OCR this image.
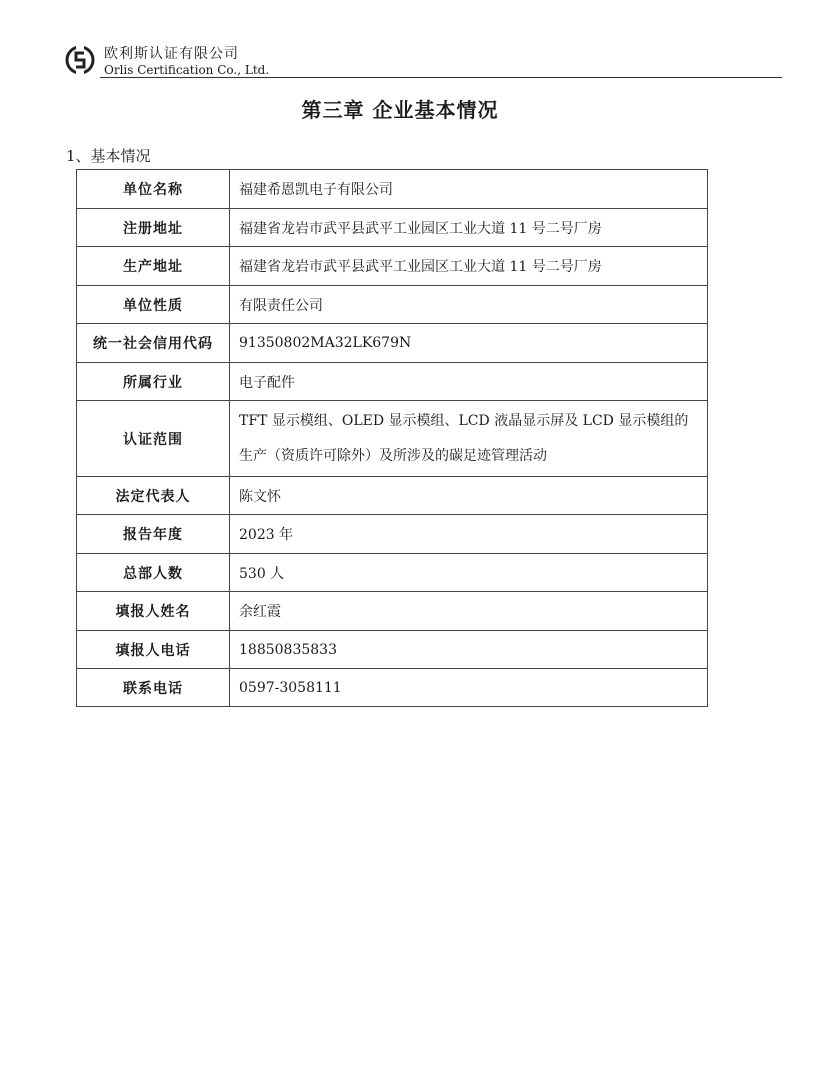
欧利斯认证有限公司
Orlis Certification Co., Ltd.
第三章 企业基本情况
1、基本情况
单位名称	福建希恩凯电子有限公司
注册地址	福建省龙岩市武平县武平工业园区工业大道 11 号二号厂房
生产地址	福建省龙岩市武平县武平工业园区工业大道 11 号二号厂房
单位性质	有限责任公司
统一社会信用代码	91350802MA32LK679N
所属行业	电子配件
认证范围	TFT 显示模组、OLED 显示模组、LCD 液晶显示屏及 LCD 显示模组的生产（资质许可除外）及所涉及的碳足迹管理活动
法定代表人	陈文怀
报告年度	2023 年
总部人数	530 人
填报人姓名	余红霞
填报人电话	18850835833
联系电话	0597-3058111
